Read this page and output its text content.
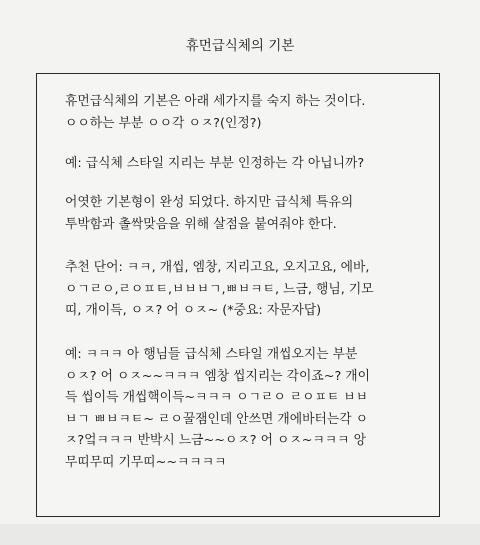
휴먼급식체의 기본

휴먼급식체의 기본은 아래 세가지를 숙지 하는 것이다.
ㅇㅇ하는 부분 ㅇㅇ각 ㅇㅈ?(인정?)

예: 급식체 스타일 지리는 부분 인정하는 각 아닙니까?

어엿한 기본형이 완성 되었다. 하지만 급식체 특유의
투박함과 촐싹맞음을 위해 살점을 붙여줘야 한다.

추천 단어: ㅋㅋ, 개씹, 엠창, 지리고요, 오지고요, 에바,
ㅇㄱㄹㅇ,ㄹㅇㅍㅌ,ㅂㅂㅂㄱ,ㅃㅂㅋㅌ, 느금, 행님, 기모
띠, 개이득, ㅇㅈ? 어 ㅇㅈ~ (*중요: 자문자답)

예: ㅋㅋㅋ 아 행님들 급식체 스타일 개씹오지는 부분
ㅇㅈ? 어 ㅇㅈ~~ㅋㅋㅋ 엠창 씹지리는 각이죠~? 개이
득 씹이득 개씹핵이득~ㅋㅋㅋ ㅇㄱㄹㅇ ㄹㅇㅍㅌ ㅂㅂ
ㅂㄱ ㅃㅂㅋㅌ~ ㄹㅇ꿀잼인데 안쓰면 개에바터는각 ㅇ
ㅈ?엌ㅋㅋㅋ 반박시 느금~~ㅇㅈ? 어 ㅇㅈ~ㅋㅋㅋ 앙
무띠무띠 기무띠~~ㅋㅋㅋㅋ
